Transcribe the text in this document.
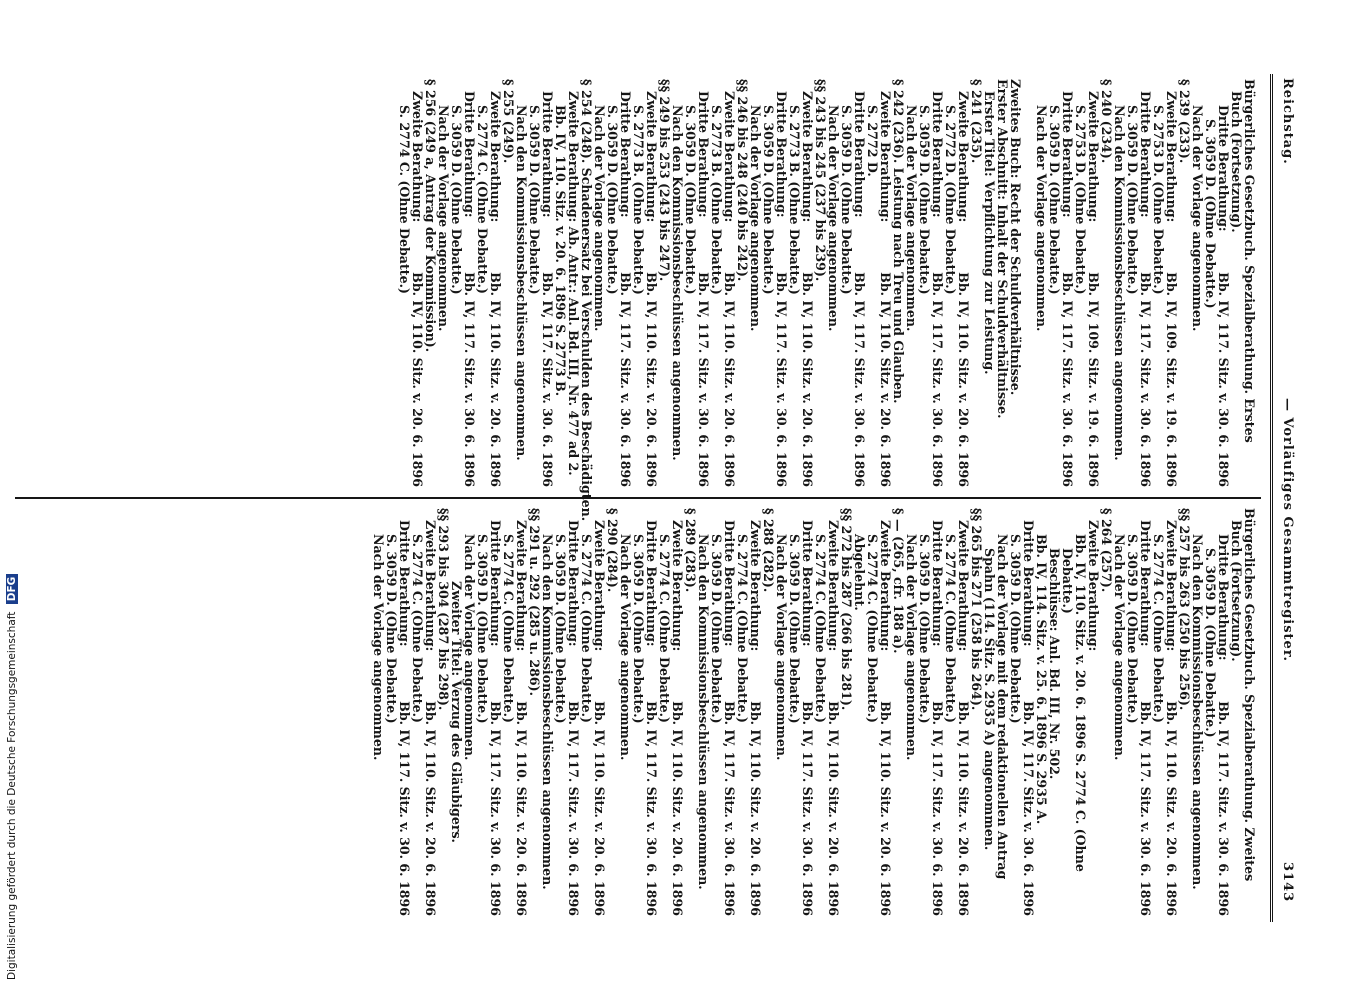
Reichstag.
— Vorläufiges Gesammtregister.
3143
Bürgerliches Gesetzbuch. Spezialberathung. Erstes
Buch (Fortsetzung).
Dritte Berathung:
Bb. IV, 117. Sitz. v. 30. 6. 1896
S. 3059 D. (Ohne Debatte.)
Nach der Vorlage angenommen.
§ 239 (233).
Zweite Berathung:
Bb. IV, 109. Sitz. v. 19. 6. 1896
S. 2753 D. (Ohne Debatte.)
Dritte Berathung:
Bb. IV, 117. Sitz. v. 30. 6. 1896
S. 3059 D. (Ohne Debatte.)
Nach den Kommissionsbeschlüssen angenommen.
§ 240 (234).
Zweite Berathung:
Bb. IV, 109. Sitz. v. 19. 6. 1896
S. 2753 D. (Ohne Debatte.)
Dritte Berathung:
Bb. IV, 117. Sitz. v. 30. 6. 1896
S. 3059 D. (Ohne Debatte.)
Nach der Vorlage angenommen.
Zweites Buch: Recht der Schuldverhältnisse.
Erster Abschnitt: Inhalt der Schuldverhältnisse.
Erster Titel: Verpflichtung zur Leistung.
§ 241 (235).
Zweite Berathung:
Bb. IV, 110. Sitz. v. 20. 6. 1896
S. 2772 D. (Ohne Debatte.)
Dritte Berathung:
Bb. IV, 117. Sitz. v. 30. 6. 1896
S. 3059 D. (Ohne Debatte.)
Nach der Vorlage angenommen.
§ 242 (236). Leistung nach Treu und Glauben.
Zweite Berathung:
Bb. IV, 110. Sitz. v. 20. 6. 1896
S. 2772 D.
Dritte Berathung:
Bb. IV, 117. Sitz. v. 30. 6. 1896
S. 3059 D. (Ohne Debatte.)
Nach der Vorlage angenommen.
§§ 243 bis 245 (237 bis 239).
Zweite Berathung:
Bb. IV, 110. Sitz. v. 20. 6. 1896
S. 2773 B. (Ohne Debatte.)
Dritte Berathung:
Bb. IV, 117. Sitz. v. 30. 6. 1896
S. 3059 D. (Ohne Debatte.)
Nach der Vorlage angenommen.
§§ 246 bis 248 (240 bis 242).
Zweite Berathung:
Bb. IV, 110. Sitz. v. 20. 6. 1896
S. 2773 B. (Ohne Debatte.)
Dritte Berathung:
Bb. IV, 117. Sitz. v. 30. 6. 1896
S. 3059 D. (Ohne Debatte.)
Nach den Kommissionsbeschlüssen angenommen.
§§ 249 bis 253 (243 bis 247).
Zweite Berathung:
Bb. IV, 110. Sitz. v. 20. 6. 1896
S. 2773 B. (Ohne Debatte.)
Dritte Berathung:
Bb. IV, 117. Sitz. v. 30. 6. 1896
S. 3059 D. (Ohne Debatte.)
Nach der Vorlage angenommen.
§ 254 (248). Schadenersatz bei Verschulden des Beschädigten.
Zweite Berathung: Ab. Antr.: Anl. Bd. III, Nr. 477 ad 2.
Bb. IV, 110. Sitz. v. 20. 6. 1896 S. 2773 B.
Dritte Berathung:
Bb. IV, 117. Sitz. v. 30. 6. 1896
S. 3059 D. (Ohne Debatte.)
Nach den Kommissionsbeschlüssen angenommen.
§ 255 (249).
Zweite Berathung:
Bb. IV, 110. Sitz. v. 20. 6. 1896
S. 2774 C. (Ohne Debatte.)
Dritte Berathung:
Bb. IV, 117. Sitz. v. 30. 6. 1896
S. 3059 D. (Ohne Debatte.)
Nach der Vorlage angenommen.
§ 256 (249 a, Antrag der Kommission).
Zweite Berathung:
Bb. IV, 110. Sitz. v. 20. 6. 1896
S. 2774 C. (Ohne Debatte.)
Bürgerliches Gesetzbuch. Spezialberathung. Zweites
Buch (Fortsetzung).
Dritte Berathung:
Bb. IV, 117. Sitz. v. 30. 6. 1896
S. 3059 D. (Ohne Debatte.)
Nach den Kommissionsbeschlüssen angenommen.
§§ 257 bis 263 (250 bis 256).
Zweite Berathung:
Bb. IV, 110. Sitz. v. 20. 6. 1896
S. 2774 C. (Ohne Debatte.)
Dritte Berathung:
Bb. IV, 117. Sitz. v. 30. 6. 1896
S. 3059 D. (Ohne Debatte.)
Nach der Vorlage angenommen.
§ 264 (257).
Zweite Berathung:
Bb. IV, 110. Sitz. v. 20. 6. 1896 S. 2774 C. (Ohne
Debatte.)
Beschlüsse: Anl. Bd. III, Nr. 502.
Bb. IV, 114. Sitz. v. 25. 6. 1896 S. 2935 A.
Dritte Berathung:
Bb. IV, 117. Sitz. v. 30. 6. 1896
S. 3059 D. (Ohne Debatte.)
Nach der Vorlage mit dem redaktionellen Antrag
Spahn (114. Sitz. S. 2935 A) angenommen.
§§ 265 bis 271 (258 bis 264).
Zweite Berathung:
Bb. IV, 110. Sitz. v. 20. 6. 1896
S. 2774 C. (Ohne Debatte.)
Dritte Berathung:
Bb. IV, 117. Sitz. v. 30. 6. 1896
S. 3059 D. (Ohne Debatte.)
Nach der Vorlage angenommen.
§ — (265, cfr. 188 a).
Zweite Berathung:
Bb. IV, 110. Sitz. v. 20. 6. 1896
S. 2774 C. (Ohne Debatte.)
Abgelehnt.
§§ 272 bis 287 (266 bis 281).
Zweite Berathung:
Bb. IV, 110. Sitz. v. 20. 6. 1896
S. 2774 C. (Ohne Debatte.)
Dritte Berathung:
Bb. IV, 117. Sitz. v. 30. 6. 1896
S. 3059 D. (Ohne Debatte.)
Nach der Vorlage angenommen.
§ 288 (282).
Zweite Berathung:
Bb. IV, 110. Sitz. v. 20. 6. 1896
S. 2774 C. (Ohne Debatte.)
Dritte Berathung:
Bb. IV, 117. Sitz. v. 30. 6. 1896
S. 3059 D. (Ohne Debatte.)
Nach den Kommissionsbeschlüssen angenommen.
§ 289 (283).
Zweite Berathung:
Bb. IV, 110. Sitz. v. 20. 6. 1896
S. 2774 C. (Ohne Debatte.)
Dritte Berathung:
Bb. IV, 117. Sitz. v. 30. 6. 1896
S. 3059 D. (Ohne Debatte.)
Nach der Vorlage angenommen.
§ 290 (284).
Zweite Berathung:
Bb. IV, 110. Sitz. v. 20. 6. 1896
S. 2774 C. (Ohne Debatte.)
Dritte Berathung:
Bb. IV, 117. Sitz. v. 30. 6. 1896
S. 3059 D. (Ohne Debatte.)
Nach den Kommissionsbeschlüssen angenommen.
§§ 291 u. 292 (285 u. 286).
Zweite Berathung:
Bb. IV, 110. Sitz. v. 20. 6. 1896
S. 2774 C. (Ohne Debatte.)
Dritte Berathung:
Bb. IV, 117. Sitz. v. 30. 6. 1896
S. 3059 D. (Ohne Debatte.)
Nach der Vorlage angenommen.
Zweiter Titel: Verzug des Gläubigers.
§§ 293 bis 304 (287 bis 298).
Zweite Berathung:
Bb. IV, 110. Sitz. v. 20. 6. 1896
S. 2774 C. (Ohne Debatte.)
Dritte Berathung:
Bb. IV, 117. Sitz. v. 30. 6. 1896
S. 3059 D. (Ohne Debatte.)
Nach der Vorlage angenommen.
Digitalisierung gefördert durch die Deutsche Forschungsgemeinschaft DFG
